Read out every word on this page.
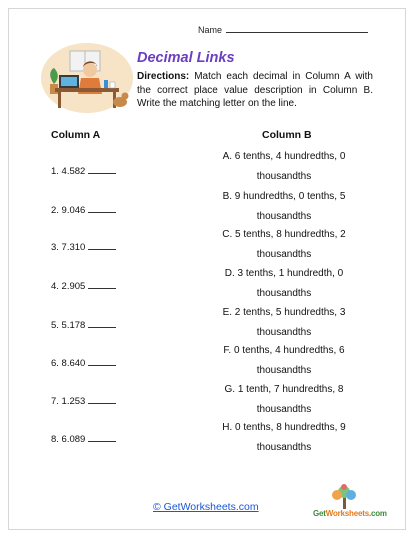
Name
Decimal Links
Directions: Match each decimal in Column A with the correct place value description in Column B. Write the matching letter on the line.
Column A	Column B
1. 4.582
2. 9.046
3. 7.310
4. 2.905
5. 5.178
6. 8.640
7. 1.253
8. 6.089
A. 6 tenths, 4 hundredths, 0
thousandths
B. 9 hundredths, 0 tenths, 5
thousandths
C. 5 tenths, 8 hundredths, 2
thousandths
D. 3 tenths, 1 hundredth, 0
thousandths
E. 2 tenths, 5 hundredths, 3
thousandths
F. 0 tenths, 4 hundredths, 6
thousandths
G. 1 tenth, 7 hundredths, 8
thousandths
H. 0 tenths, 8 hundredths, 9
thousandths
© GetWorksheets.com
GetWorksheets.com
